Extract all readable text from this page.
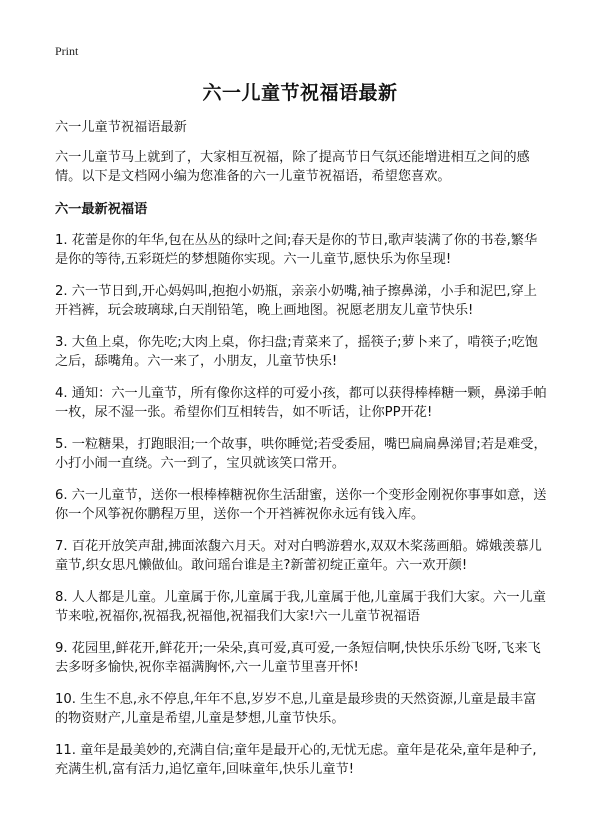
Print
六一儿童节祝福语最新

六一儿童节祝福语最新

六一儿童节马上就到了，大家相互祝福，除了提高节日气氛还能增进相互之间的感情。以下是文档网小编为您准备的六一儿童节祝福语，希望您喜欢。

六一最新祝福语

1. 花蕾是你的年华,包在丛丛的绿叶之间;春天是你的节日,歌声装满了你的书卷,繁华是你的等待,五彩斑烂的梦想随你实现。六一儿童节,愿快乐为你呈现!
2. 六一节日到,开心妈妈叫,抱抱小奶瓶，亲亲小奶嘴,袖子擦鼻涕，小手和泥巴,穿上开裆裤，玩会玻璃球,白天削铅笔，晚上画地图。祝愿老朋友儿童节快乐!
3. 大鱼上桌，你先吃;大肉上桌，你扫盘;青菜来了，摇筷子;萝卜来了，啃筷子;吃饱之后，舔嘴角。六一来了，小朋友，儿童节快乐!
4. 通知：六一儿童节，所有像你这样的可爱小孩，都可以获得棒棒糖一颗，鼻涕手帕一枚，尿不湿一张。希望你们互相转告，如不听话，让你PP开花!
5. 一粒糖果，打跑眼泪;一个故事，哄你睡觉;若受委屈，嘴巴扁扁鼻涕冒;若是难受，小打小闹一直绕。六一到了，宝贝就该笑口常开。
6. 六一儿童节，送你一根棒棒糖祝你生活甜蜜，送你一个变形金刚祝你事事如意，送你一个风筝祝你鹏程万里，送你一个开裆裤祝你永远有钱入库。
7. 百花开放笑声甜,拂面浓馥六月天。对对白鸭游碧水,双双木桨荡画船。嫦娥羡慕儿童节,织女思凡懒做仙。敢问瑶台谁是主?新蕾初绽正童年。六一欢开颜!
8. 人人都是儿童。儿童属于你,儿童属于我,儿童属于他,儿童属于我们大家。六一儿童节来啦,祝福你,祝福我,祝福他,祝福我们大家!六一儿童节祝福语
9. 花园里,鲜花开,鲜花开;一朵朵,真可爱,真可爱,一条短信啊,快快乐乐纷飞呀,飞来飞去多呀多愉快,祝你幸福满胸怀,六一儿童节里喜开怀!
10. 生生不息,永不停息,年年不息,岁岁不息,儿童是最珍贵的天然资源,儿童是最丰富的物资财产,儿童是希望,儿童是梦想,儿童节快乐。
11. 童年是最美妙的,充满自信;童年是最开心的,无忧无虑。童年是花朵,童年是种子,充满生机,富有活力,追忆童年,回味童年,快乐儿童节!
